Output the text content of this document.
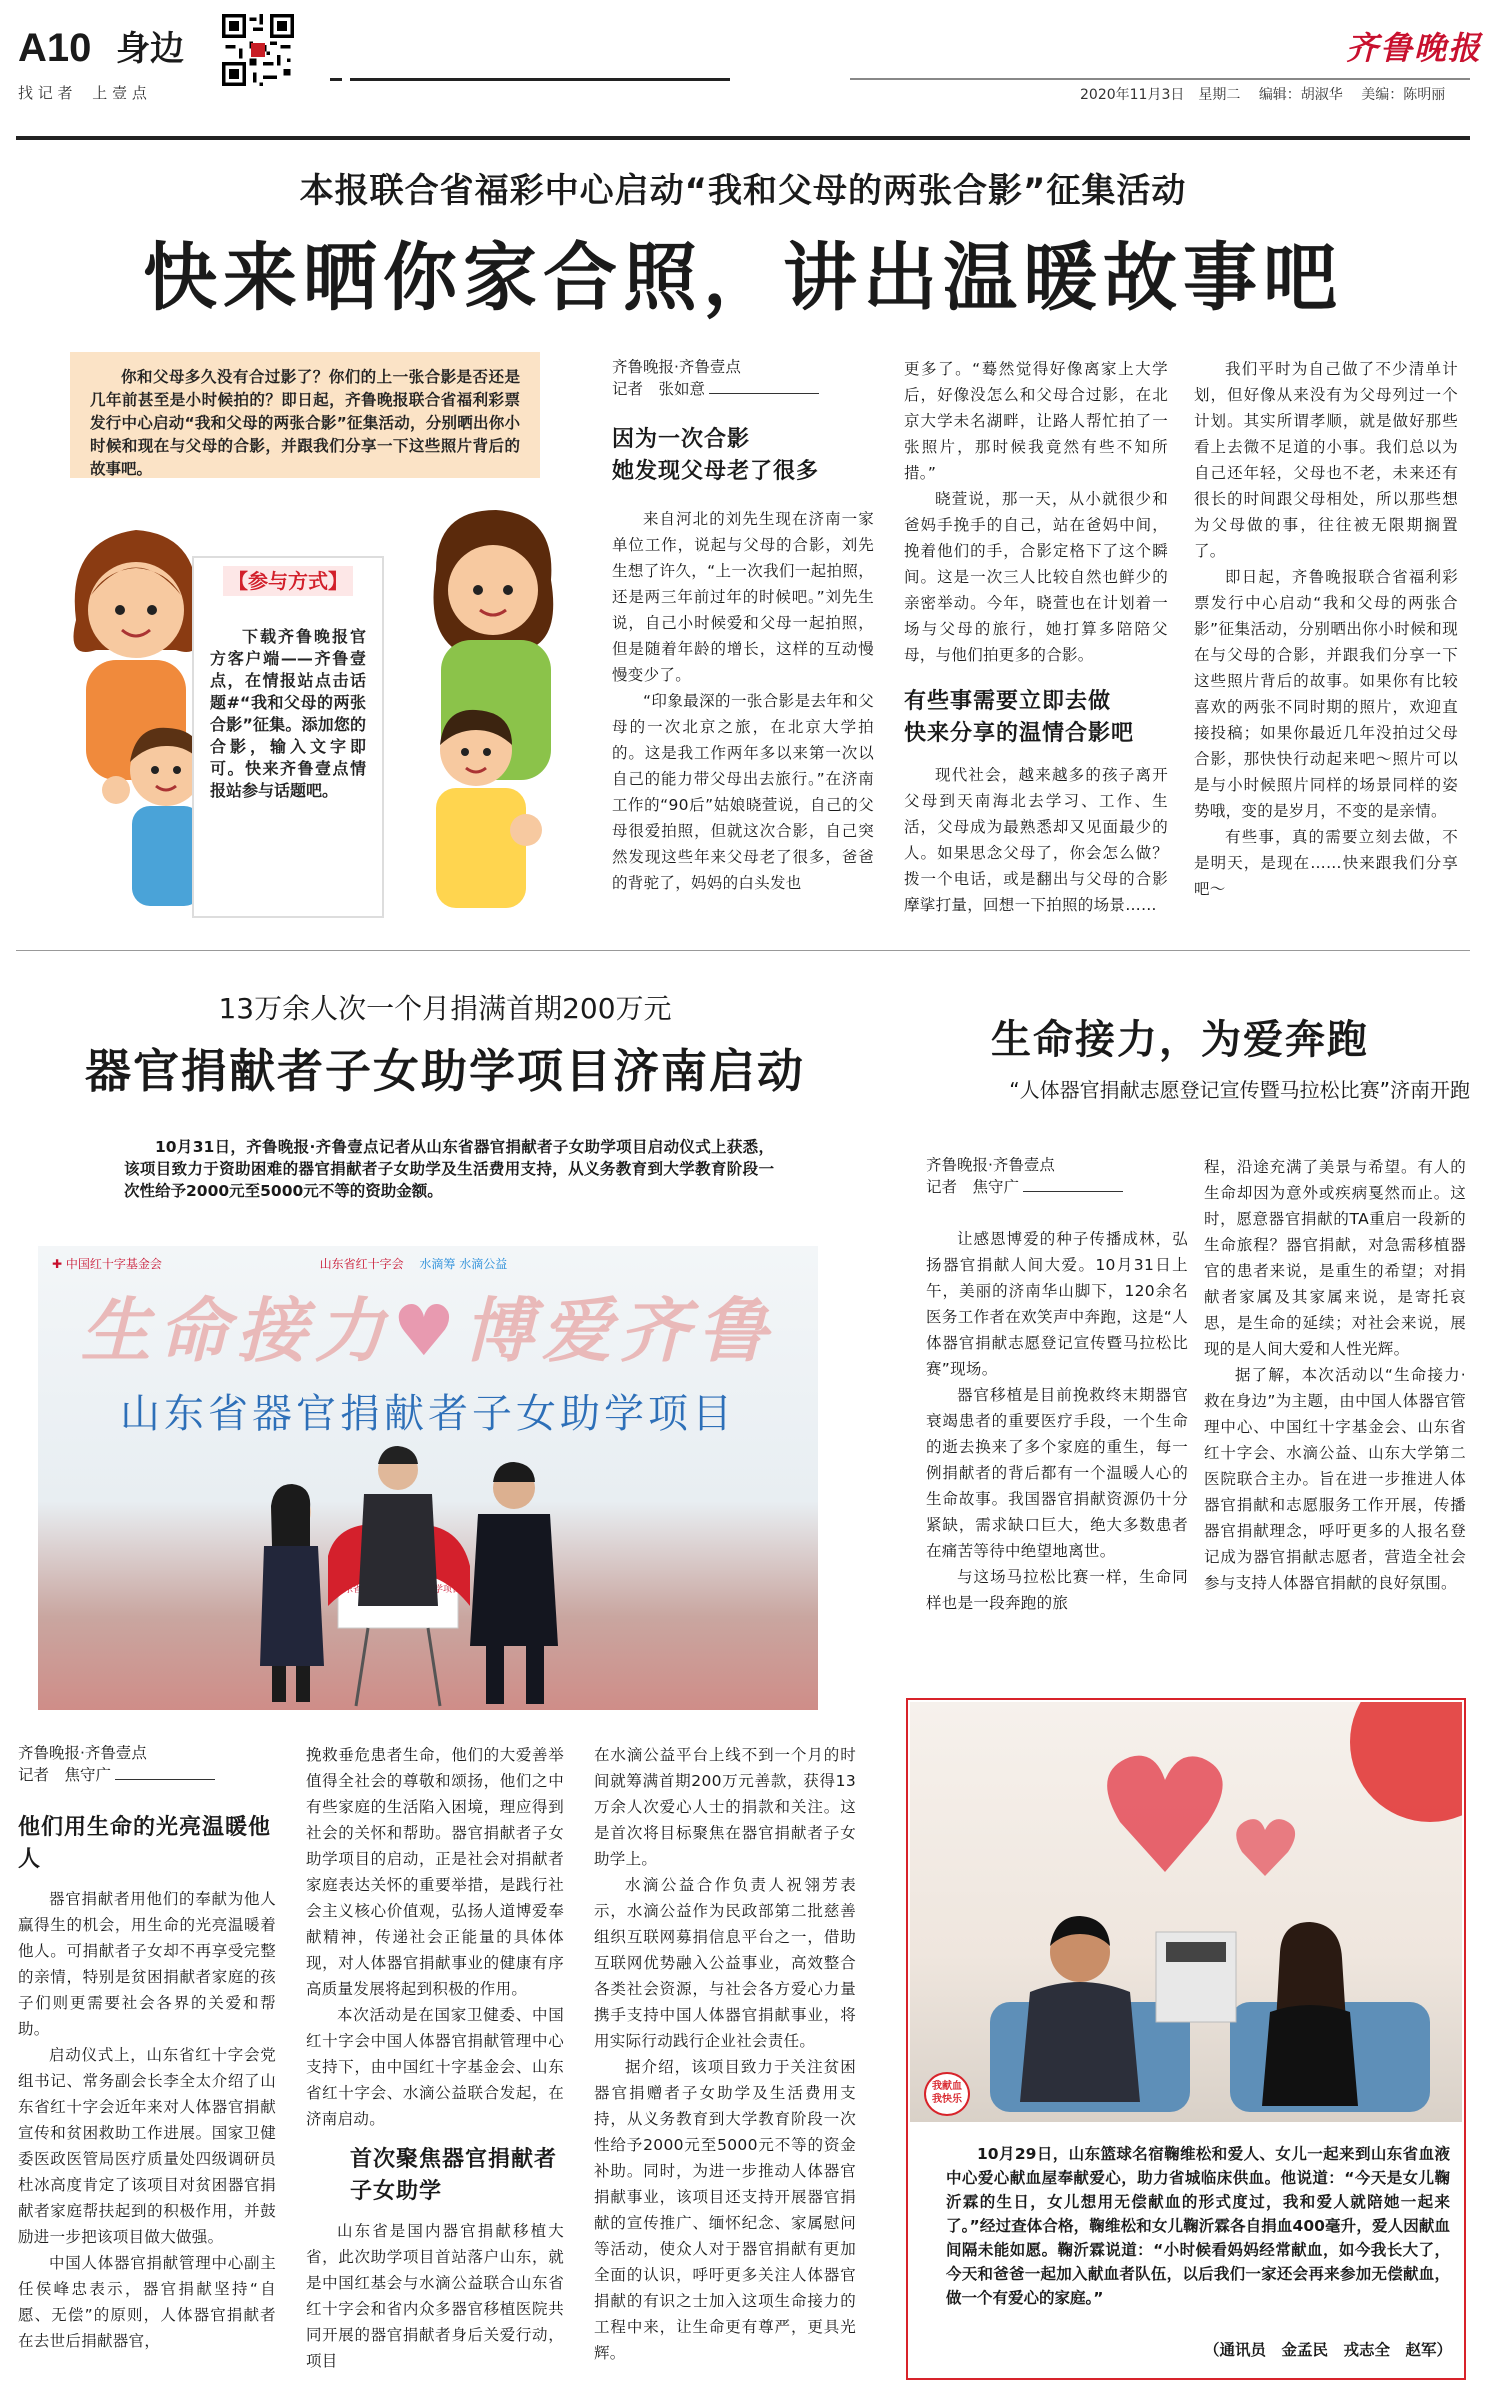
A10 身边
找 记 者 　上 壹 点	2020年11月3日　星期二　 编辑：胡淑华　 美编：陈明丽
齐鲁晚报
本报联合省福彩中心启动“我和父母的两张合影”征集活动
快来晒你家合照，讲出温暖故事吧
你和父母多久没有合过影了？你们的上一张合影是否还是几年前甚至是小时候拍的？即日起，齐鲁晚报联合省福利彩票发行中心启动“我和父母的两张合影”征集活动，分别晒出你小时候和现在与父母的合影，并跟我们分享一下这些照片背后的故事吧。
【参与方式】
下载齐鲁晚报官方客户端——齐鲁壹点，在情报站点击话题#“我和父母的两张合影”征集。添加您的合影，输入文字即可。快来齐鲁壹点情报站参与话题吧。
齐鲁晚报·齐鲁壹点
记者　张如意
因为一次合影
她发现父母老了很多

来自河北的刘先生现在济南一家单位工作，说起与父母的合影，刘先生想了许久，“上一次我们一起拍照，还是两三年前过年的时候吧。”刘先生说，自己小时候爱和父母一起拍照，但是随着年龄的增长，这样的互动慢慢变少了。

“印象最深的一张合影是去年和父母的一次北京之旅，在北京大学拍的。这是我工作两年多以来第一次以自己的能力带父母出去旅行。”在济南工作的“90后”姑娘晓萱说，自己的父母很爱拍照，但就这次合影，自己突然发现这些年来父母老了很多，爸爸的背驼了，妈妈的白头发也

更多了。“蓦然觉得好像离家上大学后，好像没怎么和父母合过影，在北京大学未名湖畔，让路人帮忙拍了一张照片，那时候我竟然有些不知所措。”

晓萱说，那一天，从小就很少和爸妈手挽手的自己，站在爸妈中间，挽着他们的手，合影定格下了这个瞬间。这是一次三人比较自然也鲜少的亲密举动。今年，晓萱也在计划着一场与父母的旅行，她打算多陪陪父母，与他们拍更多的合影。

有些事需要立即去做
快来分享的温情合影吧

现代社会，越来越多的孩子离开父母到天南海北去学习、工作、生活，父母成为最熟悉却又见面最少的人。如果思念父母了，你会怎么做？拨一个电话，或是翻出与父母的合影摩挲打量，回想一下拍照的场景……

我们平时为自己做了不少清单计划，但好像从来没有为父母列过一个计划。其实所谓孝顺，就是做好那些看上去微不足道的小事。我们总以为自己还年轻，父母也不老，未来还有很长的时间跟父母相处，所以那些想为父母做的事，往往被无限期搁置了。

即日起，齐鲁晚报联合省福利彩票发行中心启动“我和父母的两张合影”征集活动，分别晒出你小时候和现在与父母的合影，并跟我们分享一下这些照片背后的故事。如果你有比较喜欢的两张不同时期的照片，欢迎直接投稿；如果你最近几年没拍过父母合影，那快快行动起来吧～照片可以是与小时候照片同样的场景同样的姿势哦，变的是岁月，不变的是亲情。

有些事，真的需要立刻去做，不是明天，是现在……快来跟我们分享吧～

13万余人次一个月捐满首期200万元
器官捐献者子女助学项目济南启动
10月31日，齐鲁晚报·齐鲁壹点记者从山东省器官捐献者子女助学项目启动仪式上获悉，该项目致力于资助困难的器官捐献者子女助学及生活费用支持，从义务教育到大学教育阶段一次性给予2000元至5000元不等的资助金额。
✚ 中国红十字基金会	山东省红十字会 水滴筹 水滴公益
生命接力♥博爱齐鲁
山东省器官捐献者子女助学项目
齐鲁晚报·齐鲁壹点
记者　焦守广
他们用生命的光亮温暖他人

器官捐献者用他们的奉献为他人赢得生的机会，用生命的光亮温暖着他人。可捐献者子女却不再享受完整的亲情，特别是贫困捐献者家庭的孩子们则更需要社会各界的关爱和帮助。

启动仪式上，山东省红十字会党组书记、常务副会长李全太介绍了山东省红十字会近年来对人体器官捐献宣传和贫困救助工作进展。国家卫健委医政医管局医疗质量处四级调研员杜冰高度肯定了该项目对贫困器官捐献者家庭帮扶起到的积极作用，并鼓励进一步把该项目做大做强。

中国人体器官捐献管理中心副主任侯峰忠表示，器官捐献坚持“自愿、无偿”的原则，人体器官捐献者在去世后捐献器官，

挽救垂危患者生命，他们的大爱善举值得全社会的尊敬和颂扬，他们之中有些家庭的生活陷入困境，理应得到社会的关怀和帮助。器官捐献者子女助学项目的启动，正是社会对捐献者家庭表达关怀的重要举措，是践行社会主义核心价值观，弘扬人道博爱奉献精神，传递社会正能量的具体体现，对人体器官捐献事业的健康有序高质量发展将起到积极的作用。

本次活动是在国家卫健委、中国红十字会中国人体器官捐献管理中心支持下，由中国红十字基金会、山东省红十字会、水滴公益联合发起，在济南启动。

首次聚焦器官捐献者子女助学

山东省是国内器官捐献移植大省，此次助学项目首站落户山东，就是中国红基会与水滴公益联合山东省红十字会和省内众多器官移植医院共同开展的器官捐献者身后关爱行动，项目

在水滴公益平台上线不到一个月的时间就筹满首期200万元善款，获得13万余人次爱心人士的捐款和关注。这是首次将目标聚焦在器官捐献者子女助学上。

水滴公益合作负责人祝翎芳表示，水滴公益作为民政部第二批慈善组织互联网募捐信息平台之一，借助互联网优势融入公益事业，高效整合各类社会资源，与社会各方爱心力量携手支持中国人体器官捐献事业，将用实际行动践行企业社会责任。

据介绍，该项目致力于关注贫困器官捐赠者子女助学及生活费用支持，从义务教育到大学教育阶段一次性给予2000元至5000元不等的资金补助。同时，为进一步推动人体器官捐献事业，该项目还支持开展器官捐献的宣传推广、缅怀纪念、家属慰问等活动，使众人对于器官捐献有更加全面的认识，呼吁更多关注人体器官捐献的有识之士加入这项生命接力的工程中来，让生命更有尊严，更具光辉。

生命接力，为爱奔跑
“人体器官捐献志愿登记宣传暨马拉松比赛”济南开跑
齐鲁晚报·齐鲁壹点
记者　焦守广

让感恩博爱的种子传播成林，弘扬器官捐献人间大爱。10月31日上午，美丽的济南华山脚下，120余名医务工作者在欢笑声中奔跑，这是“人体器官捐献志愿登记宣传暨马拉松比赛”现场。

器官移植是目前挽救终末期器官衰竭患者的重要医疗手段，一个生命的逝去换来了多个家庭的重生，每一例捐献者的背后都有一个温暖人心的生命故事。我国器官捐献资源仍十分紧缺，需求缺口巨大，绝大多数患者在痛苦等待中绝望地离世。

与这场马拉松比赛一样，生命同样也是一段奔跑的旅

程，沿途充满了美景与希望。有人的生命却因为意外或疾病戛然而止。这时，愿意器官捐献的TA重启一段新的生命旅程？器官捐献，对急需移植器官的患者来说，是重生的希望；对捐献者家属及其家属来说，是寄托哀思，是生命的延续；对社会来说，展现的是人间大爱和人性光辉。

据了解，本次活动以“生命接力·救在身边”为主题，由中国人体器官管理中心、中国红十字基金会、山东省红十字会、水滴公益、山东大学第二医院联合主办。旨在进一步推进人体器官捐献和志愿服务工作开展，传播器官捐献理念，呼吁更多的人报名登记成为器官捐献志愿者，营造全社会参与支持人体器官捐献的良好氛围。

我献血
我快乐
10月29日，山东篮球名宿鞠维松和爱人、女儿一起来到山东省血液中心爱心献血屋奉献爱心，助力省城临床供血。他说道：“今天是女儿鞠沂霖的生日，女儿想用无偿献血的形式度过，我和爱人就陪她一起来了。”经过查体合格，鞠维松和女儿鞠沂霖各自捐血400毫升，爱人因献血间隔未能如愿。鞠沂霖说道：“小时候看妈妈经常献血，如今我长大了，今天和爸爸一起加入献血者队伍，以后我们一家还会再来参加无偿献血，做一个有爱心的家庭。”
（通讯员　金孟民　戎志全　赵军）
